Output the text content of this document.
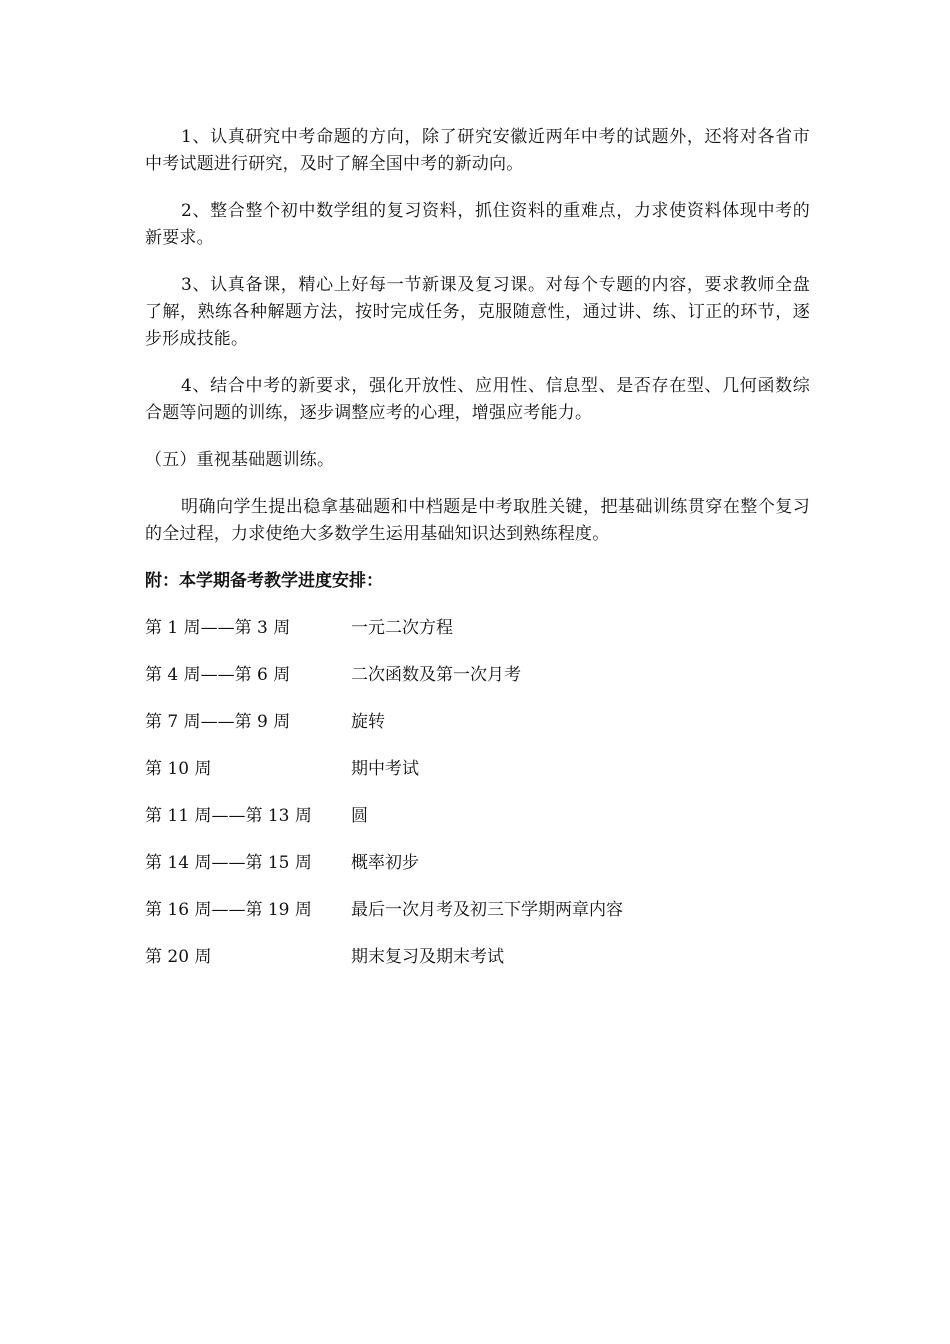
1、认真研究中考命题的方向，除了研究安徽近两年中考的试题外，还将对各省市中考试题进行研究，及时了解全国中考的新动向。

2、整合整个初中数学组的复习资料，抓住资料的重难点，力求使资料体现中考的新要求。

3、认真备课，精心上好每一节新课及复习课。对每个专题的内容，要求教师全盘了解，熟练各种解题方法，按时完成任务，克服随意性，通过讲、练、订正的环节，逐步形成技能。

4、结合中考的新要求，强化开放性、应用性、信息型、是否存在型、几何函数综合题等问题的训练，逐步调整应考的心理，增强应考能力。

（五）重视基础题训练。

明确向学生提出稳拿基础题和中档题是中考取胜关键，把基础训练贯穿在整个复习的全过程，力求使绝大多数学生运用基础知识达到熟练程度。

附：本学期备考教学进度安排：

第 1 周——第 3 周	一元二次方程
第 4 周——第 6 周	二次函数及第一次月考
第 7 周——第 9 周	旋转
第 10 周	期中考试
第 11 周——第 13 周	圆
第 14 周——第 15 周	概率初步
第 16 周——第 19 周	最后一次月考及初三下学期两章内容
第 20 周	期末复习及期末考试
